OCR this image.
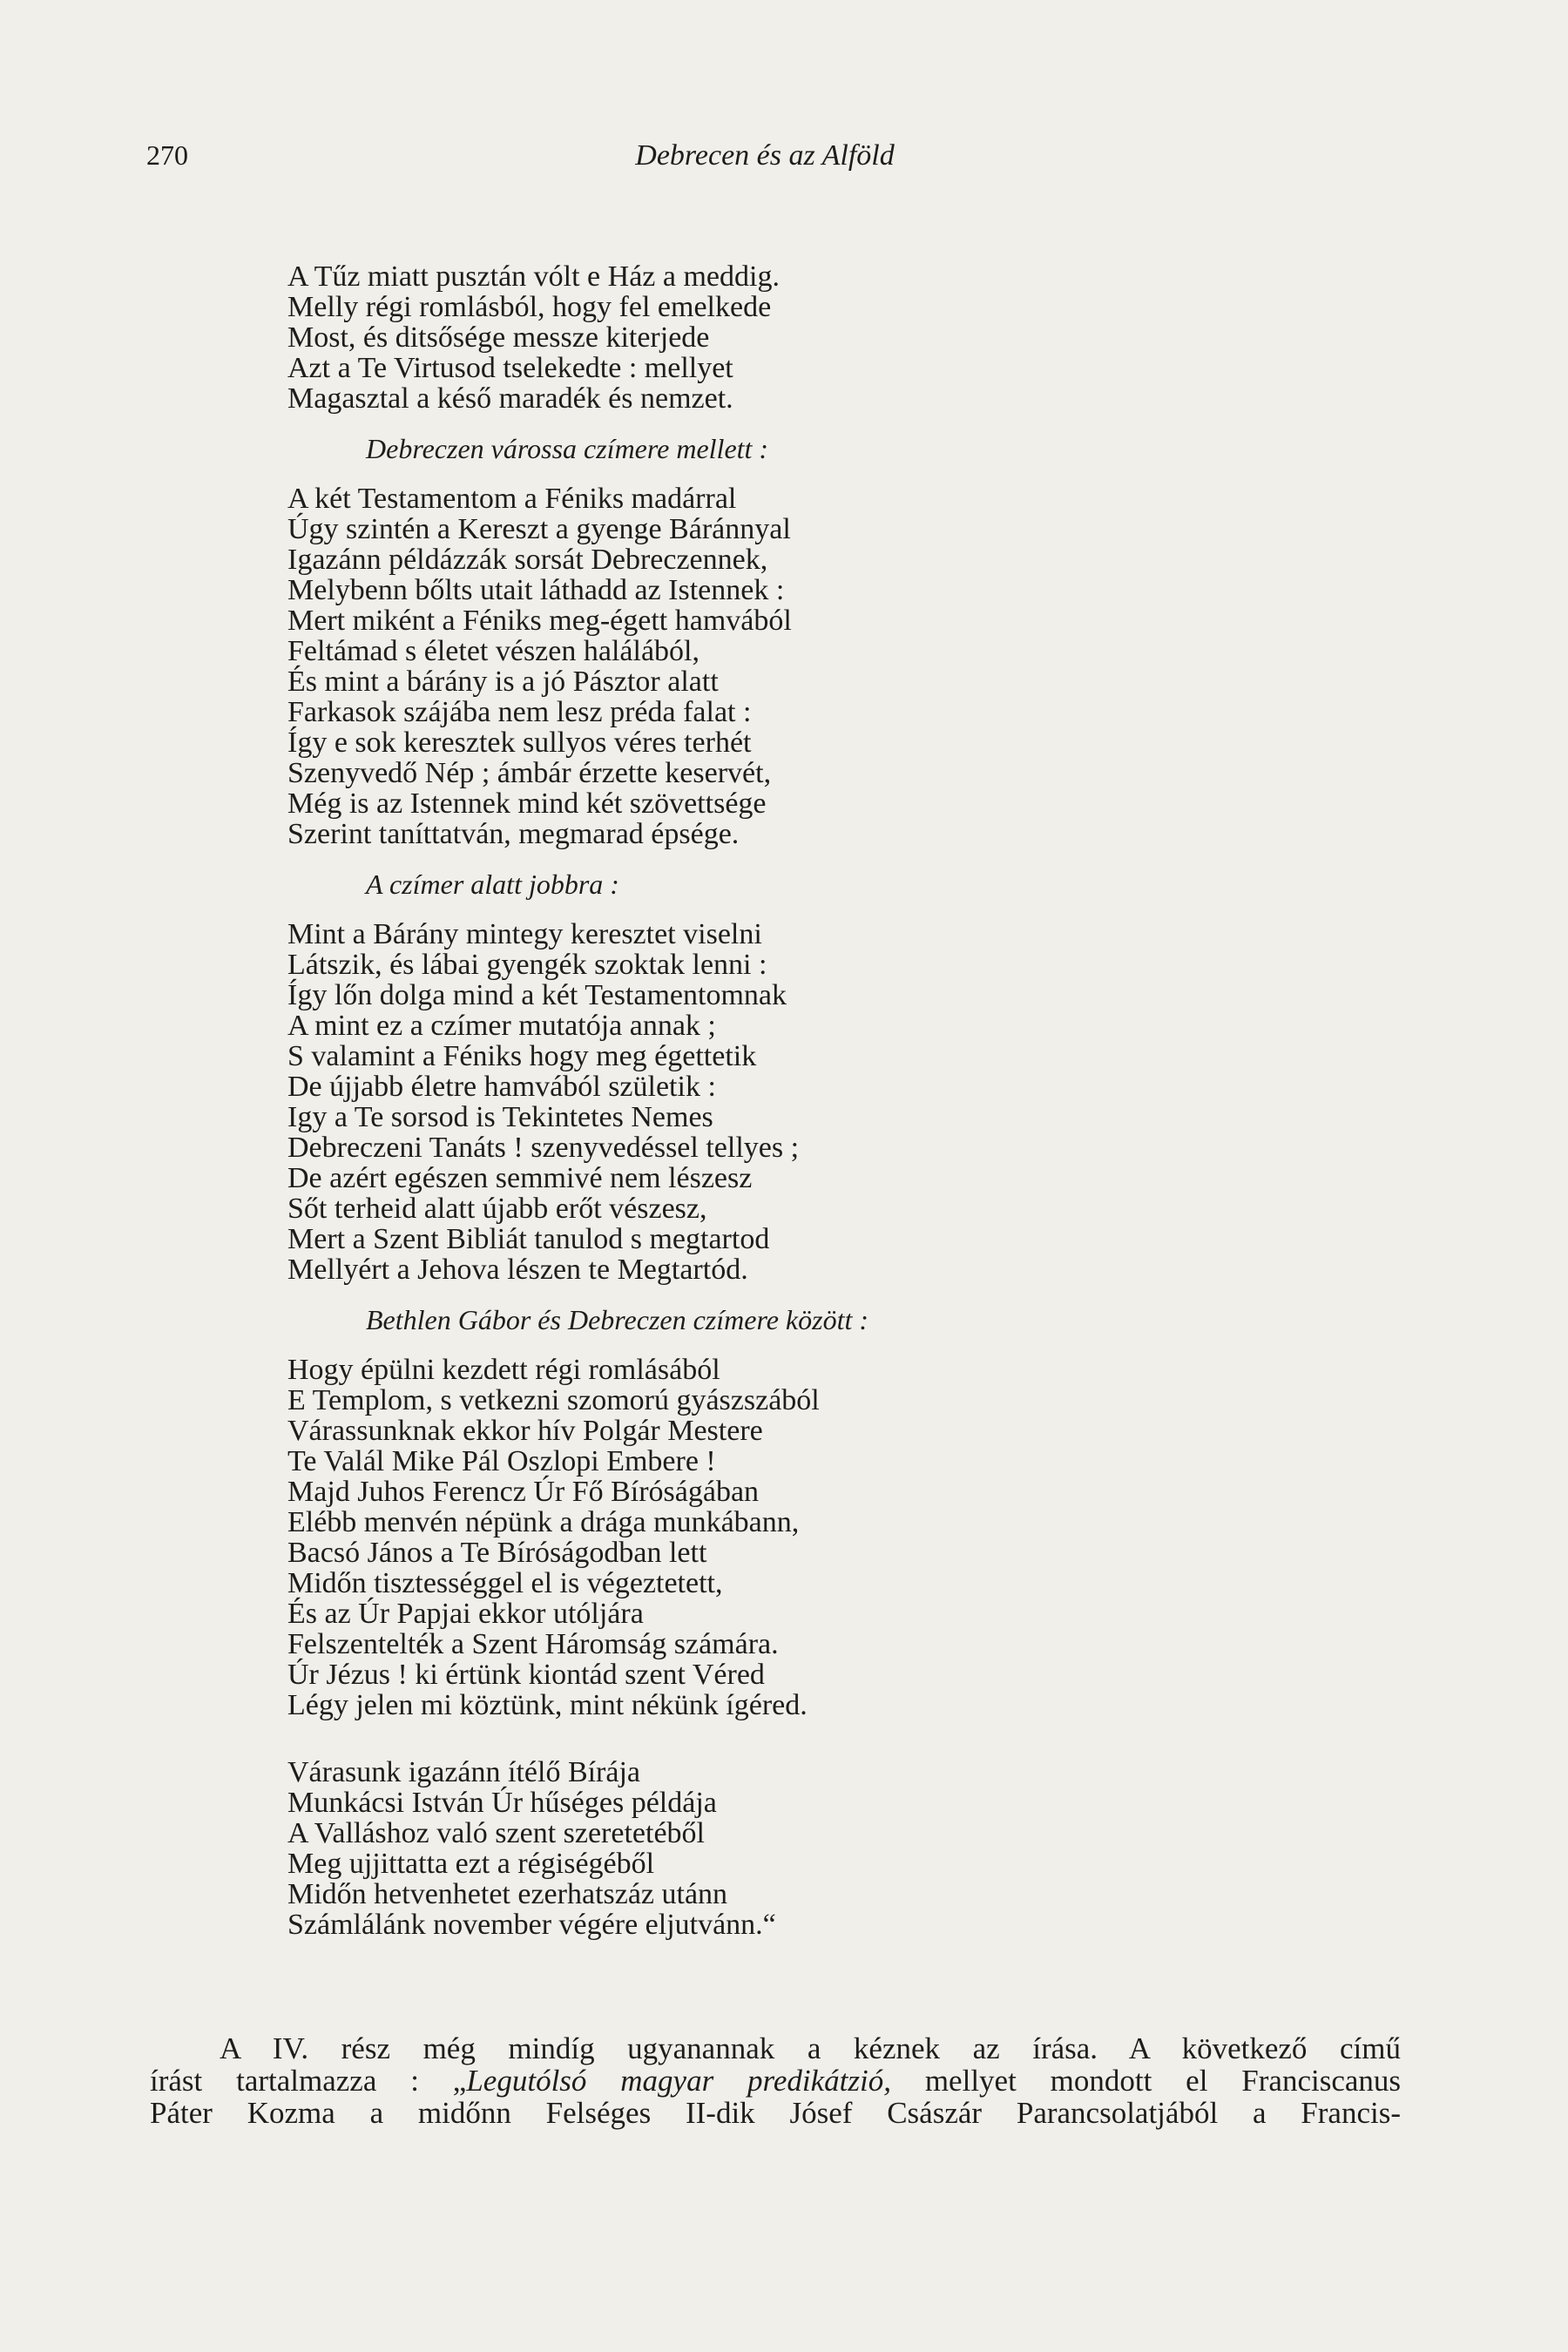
270	Debrecen és az Alföld
A Tűz miatt pusztán vólt e Ház a meddig.
Melly régi romlásból, hogy fel emelkede
Most, és ditsősége messze kiterjede
Azt a Te Virtusod tselekedte : mellyet
Magasztal a késő maradék és nemzet.
Debreczen várossa czímere mellett :
A két Testamentom a Féniks madárral
Úgy szintén a Kereszt a gyenge Báránnyal
Igazánn példázzák sorsát Debreczennek,
Melybenn bőlts utait láthadd az Istennek :
Mert miként a Féniks meg-égett hamvából
Feltámad s életet vészen halálából,
És mint a bárány is a jó Pásztor alatt
Farkasok szájába nem lesz préda falat :
Így e sok keresztek sullyos véres terhét
Szenyvedő Nép ; ámbár érzette keservét,
Még is az Istennek mind két szövettsége
Szerint taníttatván, megmarad épsége.
A czímer alatt jobbra :
Mint a Bárány mintegy keresztet viselni
Látszik, és lábai gyengék szoktak lenni :
Így lőn dolga mind a két Testamentomnak
A mint ez a czímer mutatója annak ;
S valamint a Féniks hogy meg égettetik
De újjabb életre hamvából születik :
Igy a Te sorsod is Tekintetes Nemes
Debreczeni Tanáts ! szenyvedéssel tellyes ;
De azért egészen semmivé nem lészesz
Sőt terheid alatt újabb erőt vészesz,
Mert a Szent Bibliát tanulod s megtartod
Mellyért a Jehova lészen te Megtartód.
Bethlen Gábor és Debreczen czímere között :
Hogy épülni kezdett régi romlásából
E Templom, s vetkezni szomorú gyászszából
Várassunknak ekkor hív Polgár Mestere
Te Valál Mike Pál Oszlopi Embere !
Majd Juhos Ferencz Úr Fő Bíróságában
Elébb menvén népünk a drága munkábann,
Bacsó János a Te Bíróságodban lett
Midőn tisztességgel el is végeztetett,
És az Úr Papjai ekkor utóljára
Felszentelték a Szent Háromság számára.
Úr Jézus ! ki értünk kiontád szent Véred
Légy jelen mi köztünk, mint nékünk ígéred.
Várasunk igazánn ítélő Bírája
Munkácsi István Úr hűséges példája
A Valláshoz való szent szeretetéből
Meg ujjittatta ezt a régiségéből
Midőn hetvenhetet ezerhatszáz utánn
Számlálánk november végére eljutvánn.“

A IV. rész még mindíg ugyanannak a kéznek az írása. A következő című

írást tartalmazza : „Legutólsó magyar predikátzió, mellyet mondott el Franciscanus

Páter Kozma a midőnn Felséges II-dik Jósef Császár Parancsolatjából a Francis-
